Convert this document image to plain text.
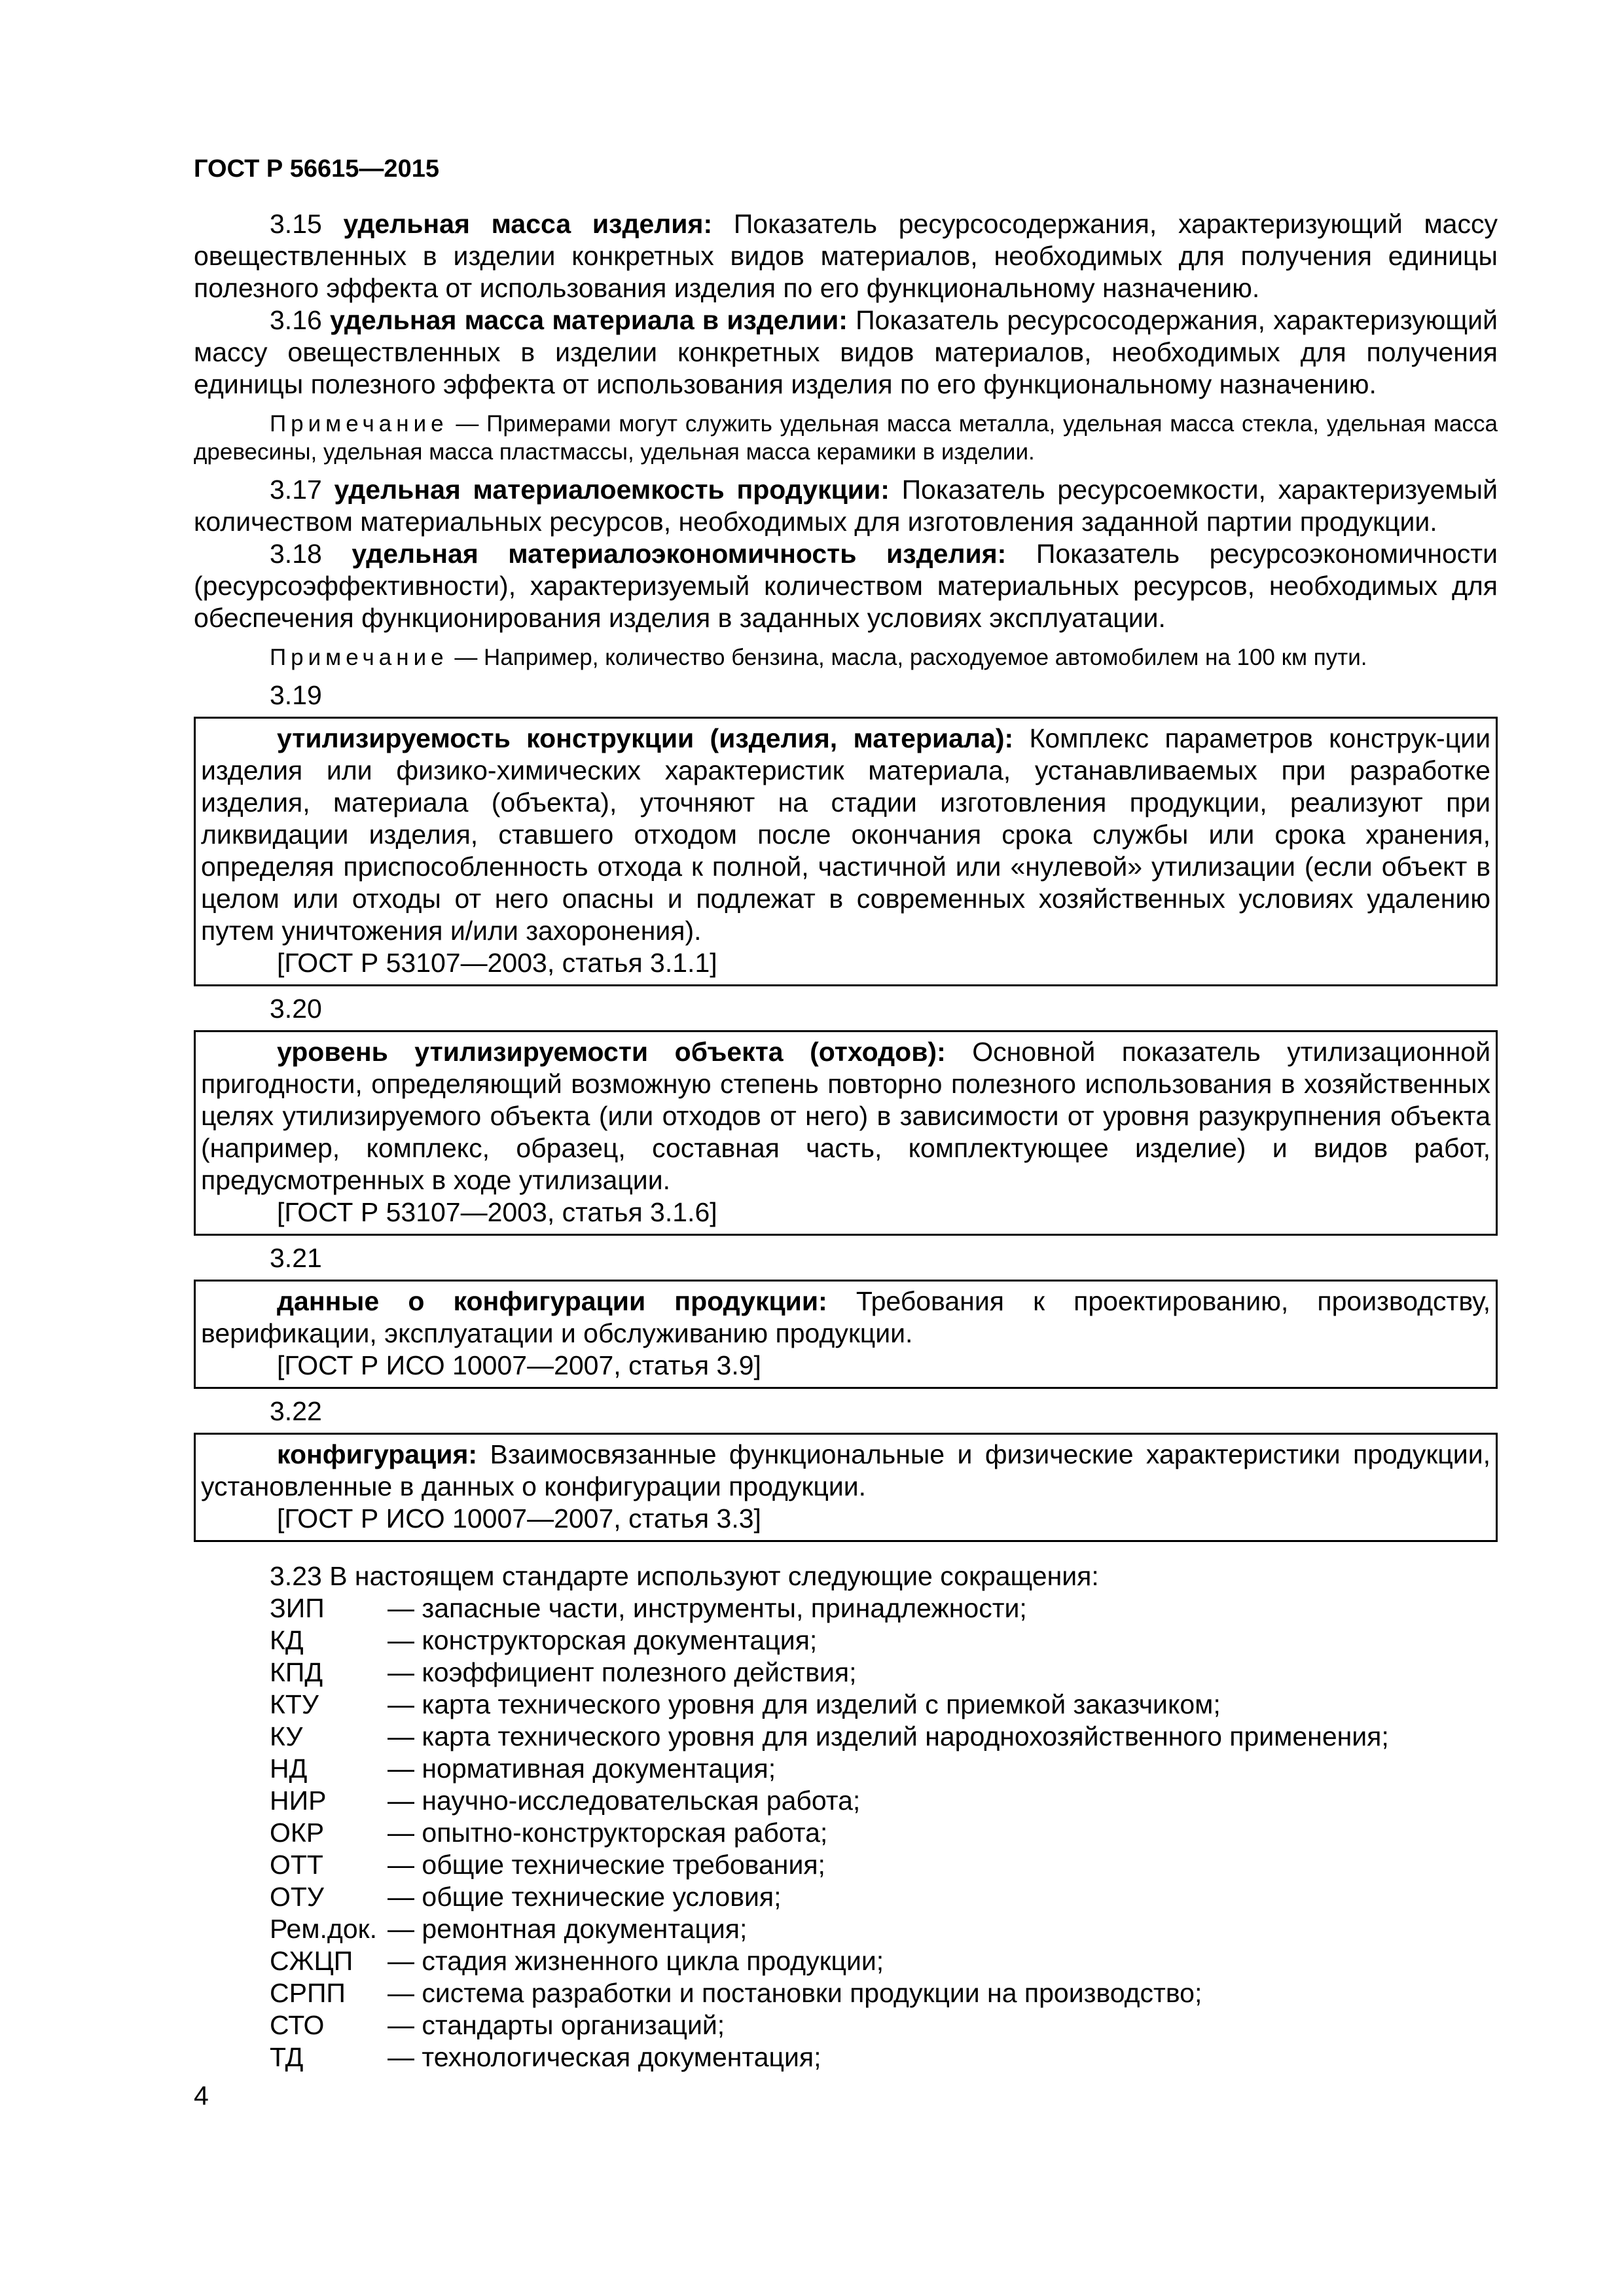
ГОСТ Р 56615—2015

3.15 удельная масса изделия: Показатель ресурсосодержания, характеризующий массу овеществленных в изделии конкретных видов материалов, необходимых для получения единицы полезного эффекта от использования изделия по его функциональному назначению.

3.16 удельная масса материала в изделии: Показатель ресурсосодержания, характеризующий массу овеществленных в изделии конкретных видов материалов, необходимых для получения единицы полезного эффекта от использования изделия по его функциональному назначению.

Примечание — Примерами могут служить удельная масса металла, удельная масса стекла, удельная масса древесины, удельная масса пластмассы, удельная масса керамики в изделии.

3.17 удельная материалоемкость продукции: Показатель ресурсоемкости, характеризуемый количеством материальных ресурсов, необходимых для изготовления заданной партии продукции.

3.18 удельная материалоэкономичность изделия: Показатель ресурсоэкономичности (ресурсоэффективности), характеризуемый количеством материальных ресурсов, необходимых для обеспечения функционирования изделия в заданных условиях эксплуатации.

Примечание — Например, количество бензина, масла, расходуемое автомобилем на 100 км пути.

3.19

утилизируемость конструкции (изделия, материала): Комплекс параметров конструк-ции изделия или физико-химических характеристик материала, устанавливаемых при разработке изделия, материала (объекта), уточняют на стадии изготовления продукции, реализуют при ликвидации изделия, ставшего отходом после окончания срока службы или срока хранения, определяя приспособленность отхода к полной, частичной или «нулевой» утилизации (если объект в целом или отходы от него опасны и подлежат в современных хозяйственных условиях удалению путем уничтожения и/или захоронения).

[ГОСТ Р 53107—2003, статья 3.1.1]

3.20

уровень утилизируемости объекта (отходов): Основной показатель утилизационной пригодности, определяющий возможную степень повторно полезного использования в хозяйственных целях утилизируемого объекта (или отходов от него) в зависимости от уровня разукрупнения объекта (например, комплекс, образец, составная часть, комплектующее изделие) и видов работ, предусмотренных в ходе утилизации.

[ГОСТ Р 53107—2003, статья 3.1.6]

3.21

данные о конфигурации продукции: Требования к проектированию, производству, верификации, эксплуатации и обслуживанию продукции.

[ГОСТ Р ИСО 10007—2007, статья 3.9]

3.22

конфигурация: Взаимосвязанные функциональные и физические характеристики продукции, установленные в данных о конфигурации продукции.

[ГОСТ Р ИСО 10007—2007, статья 3.3]

3.23 В настоящем стандарте используют следующие сокращения:

ЗИП	— запасные части, инструменты, принадлежности;
КД	— конструкторская документация;
КПД	— коэффициент полезного действия;
КТУ	— карта технического уровня для изделий с приемкой заказчиком;
КУ	— карта технического уровня для изделий народнохозяйственного применения;
НД	— нормативная документация;
НИР	— научно-исследовательская работа;
ОКР	— опытно-конструкторская работа;
ОТТ	— общие технические требования;
ОТУ	— общие технические условия;
Рем.док. — ремонтная документация;
СЖЦП	— стадия жизненного цикла продукции;
СРПП	— система разработки и постановки продукции на производство;
СТО	— стандарты организаций;
ТД	— технологическая документация;
4
